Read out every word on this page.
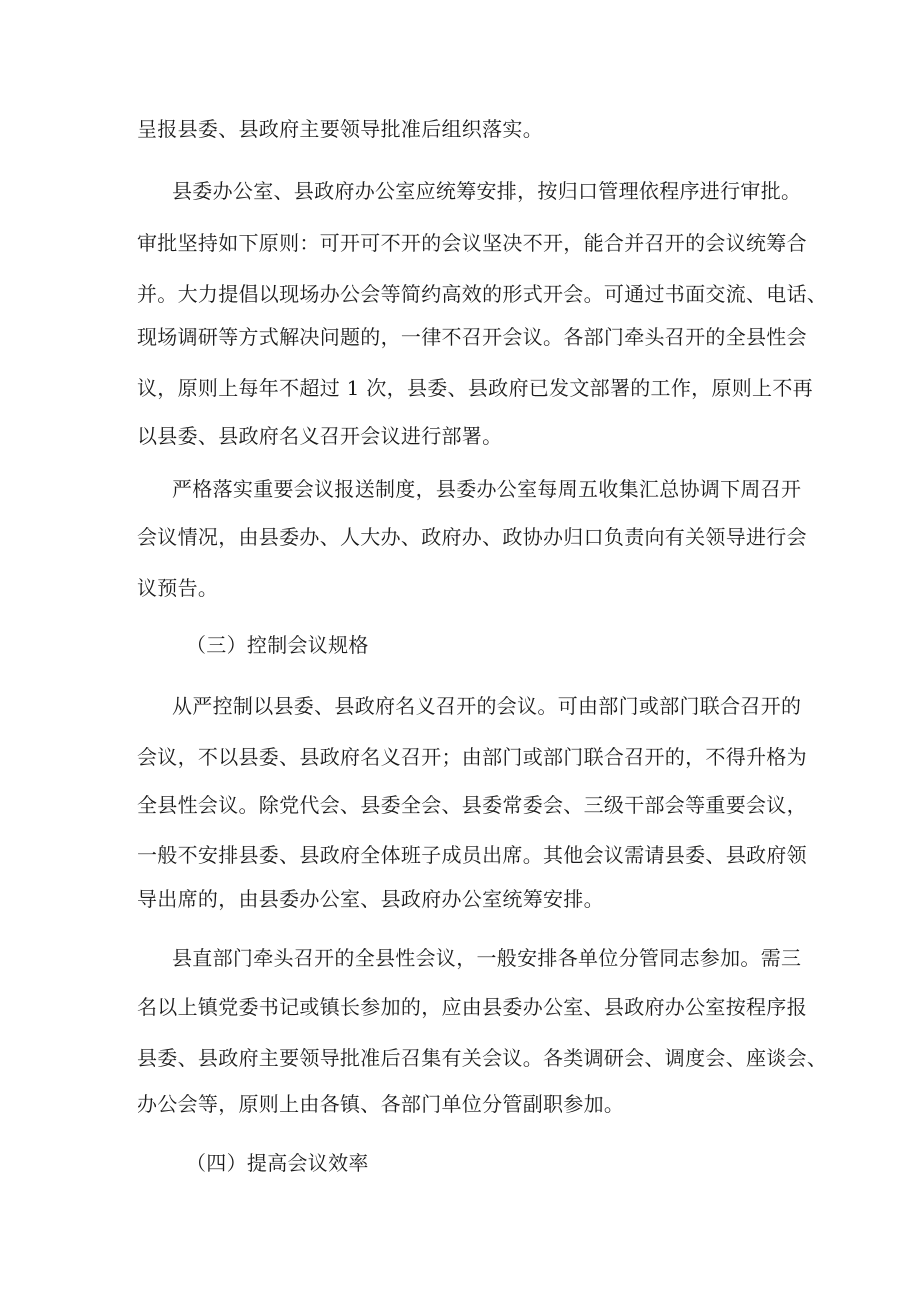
呈报县委、县政府主要领导批准后组织落实。

县委办公室、县政府办公室应统筹安排，按归口管理依程序进行审批。

审批坚持如下原则：可开可不开的会议坚决不开，能合并召开的会议统筹合

并。大力提倡以现场办公会等简约高效的形式开会。可通过书面交流、电话、

现场调研等方式解决问题的，一律不召开会议。各部门牵头召开的全县性会

议，原则上每年不超过 1 次，县委、县政府已发文部署的工作，原则上不再

以县委、县政府名义召开会议进行部署。

严格落实重要会议报送制度，县委办公室每周五收集汇总协调下周召开

会议情况，由县委办、人大办、政府办、政协办归口负责向有关领导进行会

议预告。

（三）控制会议规格

从严控制以县委、县政府名义召开的会议。可由部门或部门联合召开的

会议，不以县委、县政府名义召开；由部门或部门联合召开的，不得升格为

全县性会议。除党代会、县委全会、县委常委会、三级干部会等重要会议，

一般不安排县委、县政府全体班子成员出席。其他会议需请县委、县政府领

导出席的，由县委办公室、县政府办公室统筹安排。

县直部门牵头召开的全县性会议，一般安排各单位分管同志参加。需三

名以上镇党委书记或镇长参加的，应由县委办公室、县政府办公室按程序报

县委、县政府主要领导批准后召集有关会议。各类调研会、调度会、座谈会、

办公会等，原则上由各镇、各部门单位分管副职参加。

（四）提高会议效率
